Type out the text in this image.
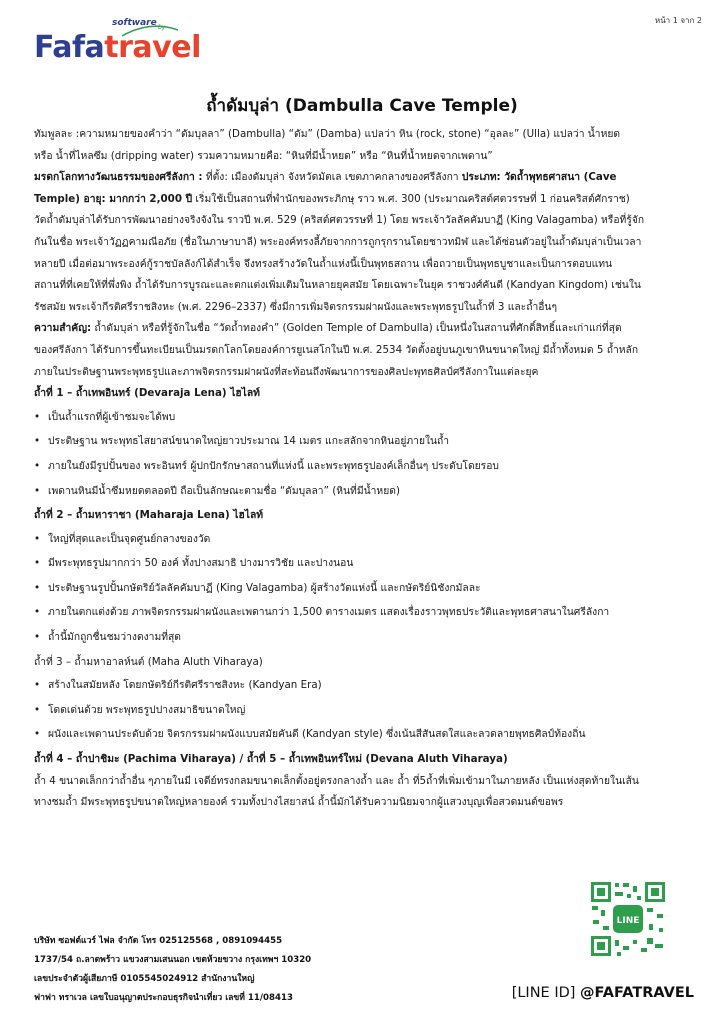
หน้า 1 จาก 2
software by
Fafatravel
ถ้ำดัมบุล่า (Dambulla Cave Temple)

ทัมพูลละ :ความหมายของคำว่า “ดัมบุลลา” (Dambulla) “ดัม” (Damba) แปลว่า หิน (rock, stone) “อุลละ” (Ulla) แปลว่า น้ำหยด

หรือ น้ำที่ไหลซึม (dripping water) รวมความหมายคือ: “หินที่มีน้ำหยด” หรือ “หินที่น้ำหยดจากเพดาน”

มรดกโลกทางวัฒนธรรมของศรีลังกา : ที่ตั้ง: เมืองดัมบุล่า จังหวัดมัตเล เขตภาคกลางของศรีลังกา ประเภท: วัดถ้ำพุทธศาสนา (Cave

Temple) อายุ: มากกว่า 2,000 ปี เริ่มใช้เป็นสถานที่พำนักของพระภิกษุ ราว พ.ศ. 300 (ประมาณคริสต์ศตวรรษที่ 1 ก่อนคริสต์ศักราช)

วัดถ้ำดัมบุล่าได้รับการพัฒนาอย่างจริงจังใน ราวปี พ.ศ. 529 (คริสต์ศตวรรษที่ 1) โดย พระเจ้าวัลลัคคัมบาฏี (King Valagamba) หรือที่รู้จัก

กันในชื่อ พระเจ้าวัฏฏคามณีอภัย (ชื่อในภาษาบาลี) พระองค์ทรงลี้ภัยจากการถูกรุกรานโดยชาวทมิฬ และได้ซ่อนตัวอยู่ในถ้ำดัมบุล่าเป็นเวลา

หลายปี เมื่อต่อมาพระองค์กู้ราชบัลลังก์ได้สำเร็จ จึงทรงสร้างวัดในถ้ำแห่งนี้เป็นพุทธสถาน เพื่อถวายเป็นพุทธบูชาและเป็นการตอบแทน

สถานที่ที่เคยให้ที่พึ่งพิง ถ้ำได้รับการบูรณะและตกแต่งเพิ่มเติมในหลายยุคสมัย โดยเฉพาะในยุค ราชวงศ์คันดี (Kandyan Kingdom) เช่นใน

รัชสมัย พระเจ้ากีรติศรีราชสิงหะ (พ.ศ. 2296–2337) ซึ่งมีการเพิ่มจิตรกรรมฝาผนังและพระพุทธรูปในถ้ำที่ 3 และถ้ำอื่นๆ

ความสำคัญ: ถ้ำดัมบุล่า หรือที่รู้จักในชื่อ “วัดถ้ำทองคำ” (Golden Temple of Dambulla) เป็นหนึ่งในสถานที่ศักดิ์สิทธิ์และเก่าแก่ที่สุด

ของศรีลังกา ได้รับการขึ้นทะเบียนเป็นมรดกโลกโดยองค์การยูเนสโกในปี พ.ศ. 2534 วัดตั้งอยู่บนภูเขาหินขนาดใหญ่ มีถ้ำทั้งหมด 5 ถ้ำหลัก

ภายในประดิษฐานพระพุทธรูปและภาพจิตรกรรมฝาผนังที่สะท้อนถึงพัฒนาการของศิลปะพุทธศิลป์ศรีลังกาในแต่ละยุค

ถ้ำที่ 1 – ถ้ำเทพอินทร์ (Devaraja Lena) ไฮไลท์

• เป็นถ้ำแรกที่ผู้เข้าชมจะได้พบ
• ประดิษฐาน พระพุทธไสยาสน์ขนาดใหญ่ยาวประมาณ 14 เมตร แกะสลักจากหินอยู่ภายในถ้ำ
• ภายในยังมีรูปปั้นของ พระอินทร์ ผู้ปกปักรักษาสถานที่แห่งนี้ และพระพุทธรูปองค์เล็กอื่นๆ ประดับโดยรอบ
• เพดานหินมีน้ำซึมหยดตลอดปี ถือเป็นลักษณะตามชื่อ “ดัมบุลลา” (หินที่มีน้ำหยด)

ถ้ำที่ 2 – ถ้ำมหาราชา (Maharaja Lena) ไฮไลท์

• ใหญ่ที่สุดและเป็นจุดศูนย์กลางของวัด
• มีพระพุทธรูปมากกว่า 50 องค์ ทั้งปางสมาธิ ปางมารวิชัย และปางนอน
• ประดิษฐานรูปปั้นกษัตริย์วัลลัคคัมบาฏี (King Valagamba) ผู้สร้างวัดแห่งนี้ และกษัตริย์นิชังกมัลละ
• ภายในตกแต่งด้วย ภาพจิตรกรรมฝาผนังและเพดานกว่า 1,500 ตารางเมตร แสดงเรื่องราวพุทธประวัติและพุทธศาสนาในศรีลังกา
• ถ้ำนี้มักถูกชื่นชมว่างดงามที่สุด

ถ้ำที่ 3 – ถ้ำมหาอาลห์นต์ (Maha Aluth Viharaya)

• สร้างในสมัยหลัง โดยกษัตริย์กีรติศรีราชสิงหะ (Kandyan Era)
• โดดเด่นด้วย พระพุทธรูปปางสมาธิขนาดใหญ่
• ผนังและเพดานประดับด้วย จิตรกรรมฝาผนังแบบสมัยคันดี (Kandyan style) ซึ่งเน้นสีสันสดใสและลวดลายพุทธศิลป์ท้องถิ่น

ถ้ำที่ 4 – ถ้ำปาชิมะ (Pachima Viharaya) / ถ้ำที่ 5 – ถ้ำเทพอินทร์ใหม่ (Devana Aluth Viharaya)

ถ้ำ 4 ขนาดเล็กกว่าถ้ำอื่น ๆภายในมี เจดีย์ทรงกลมขนาดเล็กตั้งอยู่ตรงกลางถ้ำ และ ถ้ำ ที่5ถ้ำที่เพิ่มเข้ามาในภายหลัง เป็นแห่งสุดท้ายในเส้น

ทางชมถ้ำ มีพระพุทธรูปขนาดใหญ่หลายองค์ รวมทั้งปางไสยาสน์ ถ้ำนี้มักได้รับความนิยมจากผู้แสวงบุญเพื่อสวดมนต์ขอพร

บริษัท ซอฟต์แวร์ ไฟล จำกัด โทร 025125568 , 0891094455
1737/54 ถ.ลาดพร้าว แขวงสามเสนนอก เขตห้วยขวาง กรุงเทพฯ 10320
เลขประจำตัวผู้เสียภาษี 0105545024912 สำนักงานใหญ่
ฟาฟา ทราเวล เลขใบอนุญาตประกอบธุรกิจนำเที่ยว เลขที่ 11/08413
LINE
[LINE ID] @FAFATRAVEL
